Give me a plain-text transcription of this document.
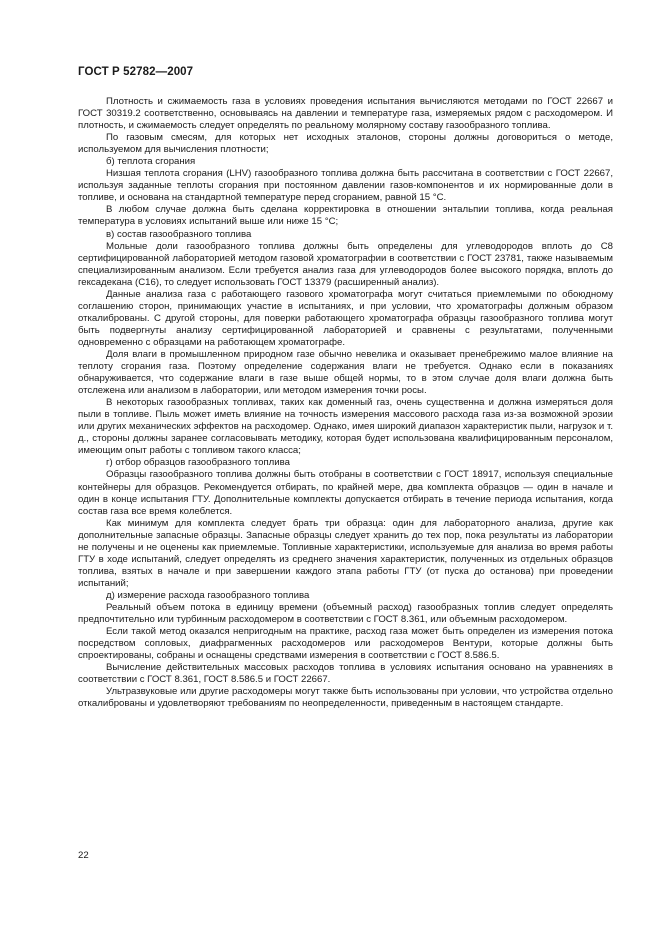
ГОСТ Р 52782—2007

Плотность и сжимаемость газа в условиях проведения испытания вычисляются методами по ГОСТ 22667 и ГОСТ 30319.2 соответственно, основываясь на давлении и температуре газа, измеряемых рядом с расходомером. И плотность, и сжимаемость следует определять по реальному молярному составу газообразного топлива.

По газовым смесям, для которых нет исходных эталонов, стороны должны договориться о методе, используемом для вычисления плотности;

б) теплота сгорания

Низшая теплота сгорания (LHV) газообразного топлива должна быть рассчитана в соответствии с ГОСТ 22667, используя заданные теплоты сгорания при постоянном давлении газов-компонентов и их нормированные доли в топливе, и основана на стандартной температуре перед сгоранием, равной 15 °С.

В любом случае должна быть сделана корректировка в отношении энтальпии топлива, когда реальная температура в условиях испытаний выше или ниже 15 °С;

в) состав газообразного топлива

Мольные доли газообразного топлива должны быть определены для углеводородов вплоть до С8 сертифицированной лабораторией методом газовой хроматографии в соответствии с ГОСТ 23781, также называемым специализированным анализом. Если требуется анализ газа для углеводородов более высокого порядка, вплоть до гексадекана (С16), то следует использовать ГОСТ 13379 (расширенный анализ).

Данные анализа газа с работающего газового хроматографа могут считаться приемлемыми по обоюдному соглашению сторон, принимающих участие в испытаниях, и при условии, что хроматографы должным образом откалиброваны. С другой стороны, для поверки работающего хроматографа образцы газообразного топлива могут быть подвергнуты анализу сертифицированной лабораторией и сравнены с результатами, полученными одновременно с образцами на работающем хроматографе.

Доля влаги в промышленном природном газе обычно невелика и оказывает пренебрежимо малое влияние на теплоту сгорания газа. Поэтому определение содержания влаги не требуется. Однако если в показаниях обнаруживается, что содержание влаги в газе выше общей нормы, то в этом случае доля влаги должна быть отслежена или анализом в лаборатории, или методом измерения точки росы.

В некоторых газообразных топливах, таких как доменный газ, очень существенна и должна измеряться доля пыли в топливе. Пыль может иметь влияние на точность измерения массового расхода газа из-за возможной эрозии или других механических эффектов на расходомер. Однако, имея широкий диапазон характеристик пыли, нагрузок и т. д., стороны должны заранее согласовывать методику, которая будет использована квалифицированным персоналом, имеющим опыт работы с топливом такого класса;

г) отбор образцов газообразного топлива

Образцы газообразного топлива должны быть отобраны в соответствии с ГОСТ 18917, используя специальные контейнеры для образцов. Рекомендуется отбирать, по крайней мере, два комплекта образцов — один в начале и один в конце испытания ГТУ. Дополнительные комплекты допускается отбирать в течение периода испытания, когда состав газа все время колеблется.

Как минимум для комплекта следует брать три образца: один для лабораторного анализа, другие как дополнительные запасные образцы. Запасные образцы следует хранить до тех пор, пока результаты из лаборатории не получены и не оценены как приемлемые. Топливные характеристики, используемые для анализа во время работы ГТУ в ходе испытаний, следует определять из среднего значения характеристик, полученных из отдельных образцов топлива, взятых в начале и при завершении каждого этапа работы ГТУ (от пуска до останова) при проведении испытаний;

д) измерение расхода газообразного топлива

Реальный объем потока в единицу времени (объемный расход) газообразных топлив следует определять предпочтительно или турбинным расходомером в соответствии с ГОСТ 8.361, или объемным расходомером.

Если такой метод оказался непригодным на практике, расход газа может быть определен из измерения потока посредством сопловых, диафрагменных расходомеров или расходомеров Вентури, которые должны быть спроектированы, собраны и оснащены средствами измерения в соответствии с ГОСТ 8.586.5.

Вычисление действительных массовых расходов топлива в условиях испытания основано на уравнениях в соответствии с ГОСТ 8.361, ГОСТ 8.586.5 и ГОСТ 22667.

Ультразвуковые или другие расходомеры могут также быть использованы при условии, что устройства отдельно откалиброваны и удовлетворяют требованиям по неопределенности, приведенным в настоящем стандарте.

22
